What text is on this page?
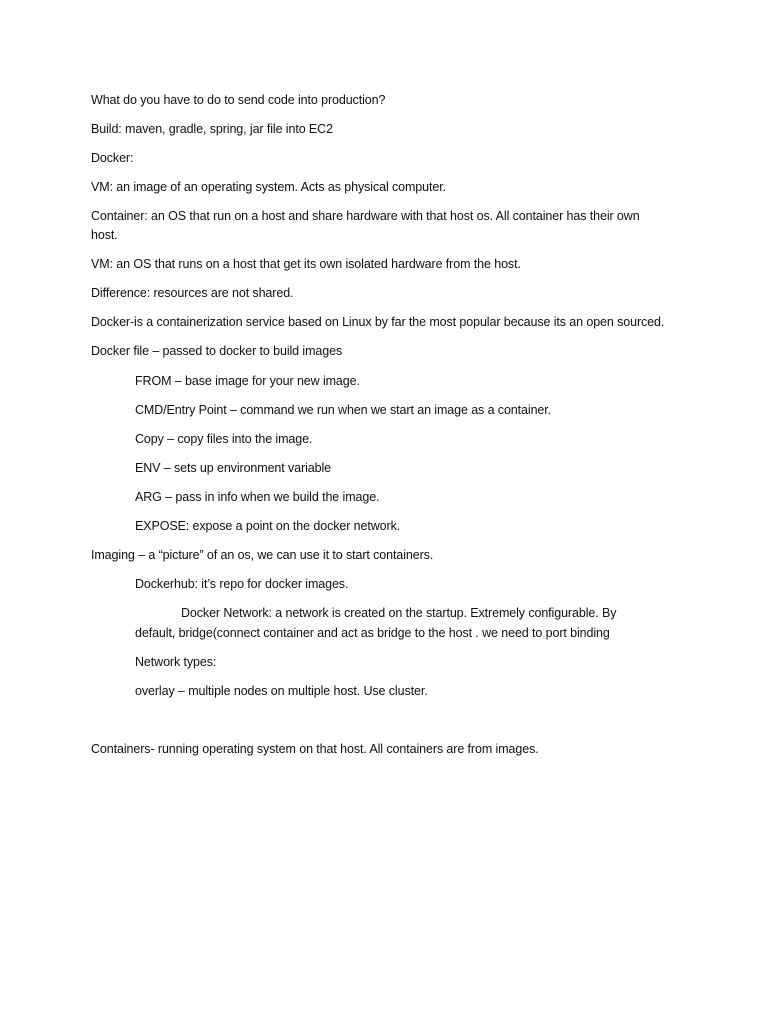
What do you have to do to send code into production?
Build: maven, gradle, spring, jar file into EC2
Docker:
VM: an image of an operating system. Acts as physical computer.
Container: an OS that run on a host and share hardware with that host os. All container has their own
host.
VM: an OS that runs on a host that get its own isolated hardware from the host.
Difference: resources are not shared.
Docker-is a containerization service based on Linux by far the most popular because its an open sourced.
Docker file – passed to docker to build images
FROM – base image for your new image.
CMD/Entry Point – command we run when we start an image as a container.
Copy – copy files into the image.
ENV – sets up environment variable
ARG – pass in info when we build the image.
EXPOSE: expose a point on the docker network.
Imaging – a “picture” of an os, we can use it to start containers.
Dockerhub: it’s repo for docker images.
Docker Network: a network is created on the startup. Extremely configurable. By
default, bridge(connect container and act as bridge to the host . we need to port binding
Network types:
overlay – multiple nodes on multiple host. Use cluster.
Containers- running operating system on that host. All containers are from images.
